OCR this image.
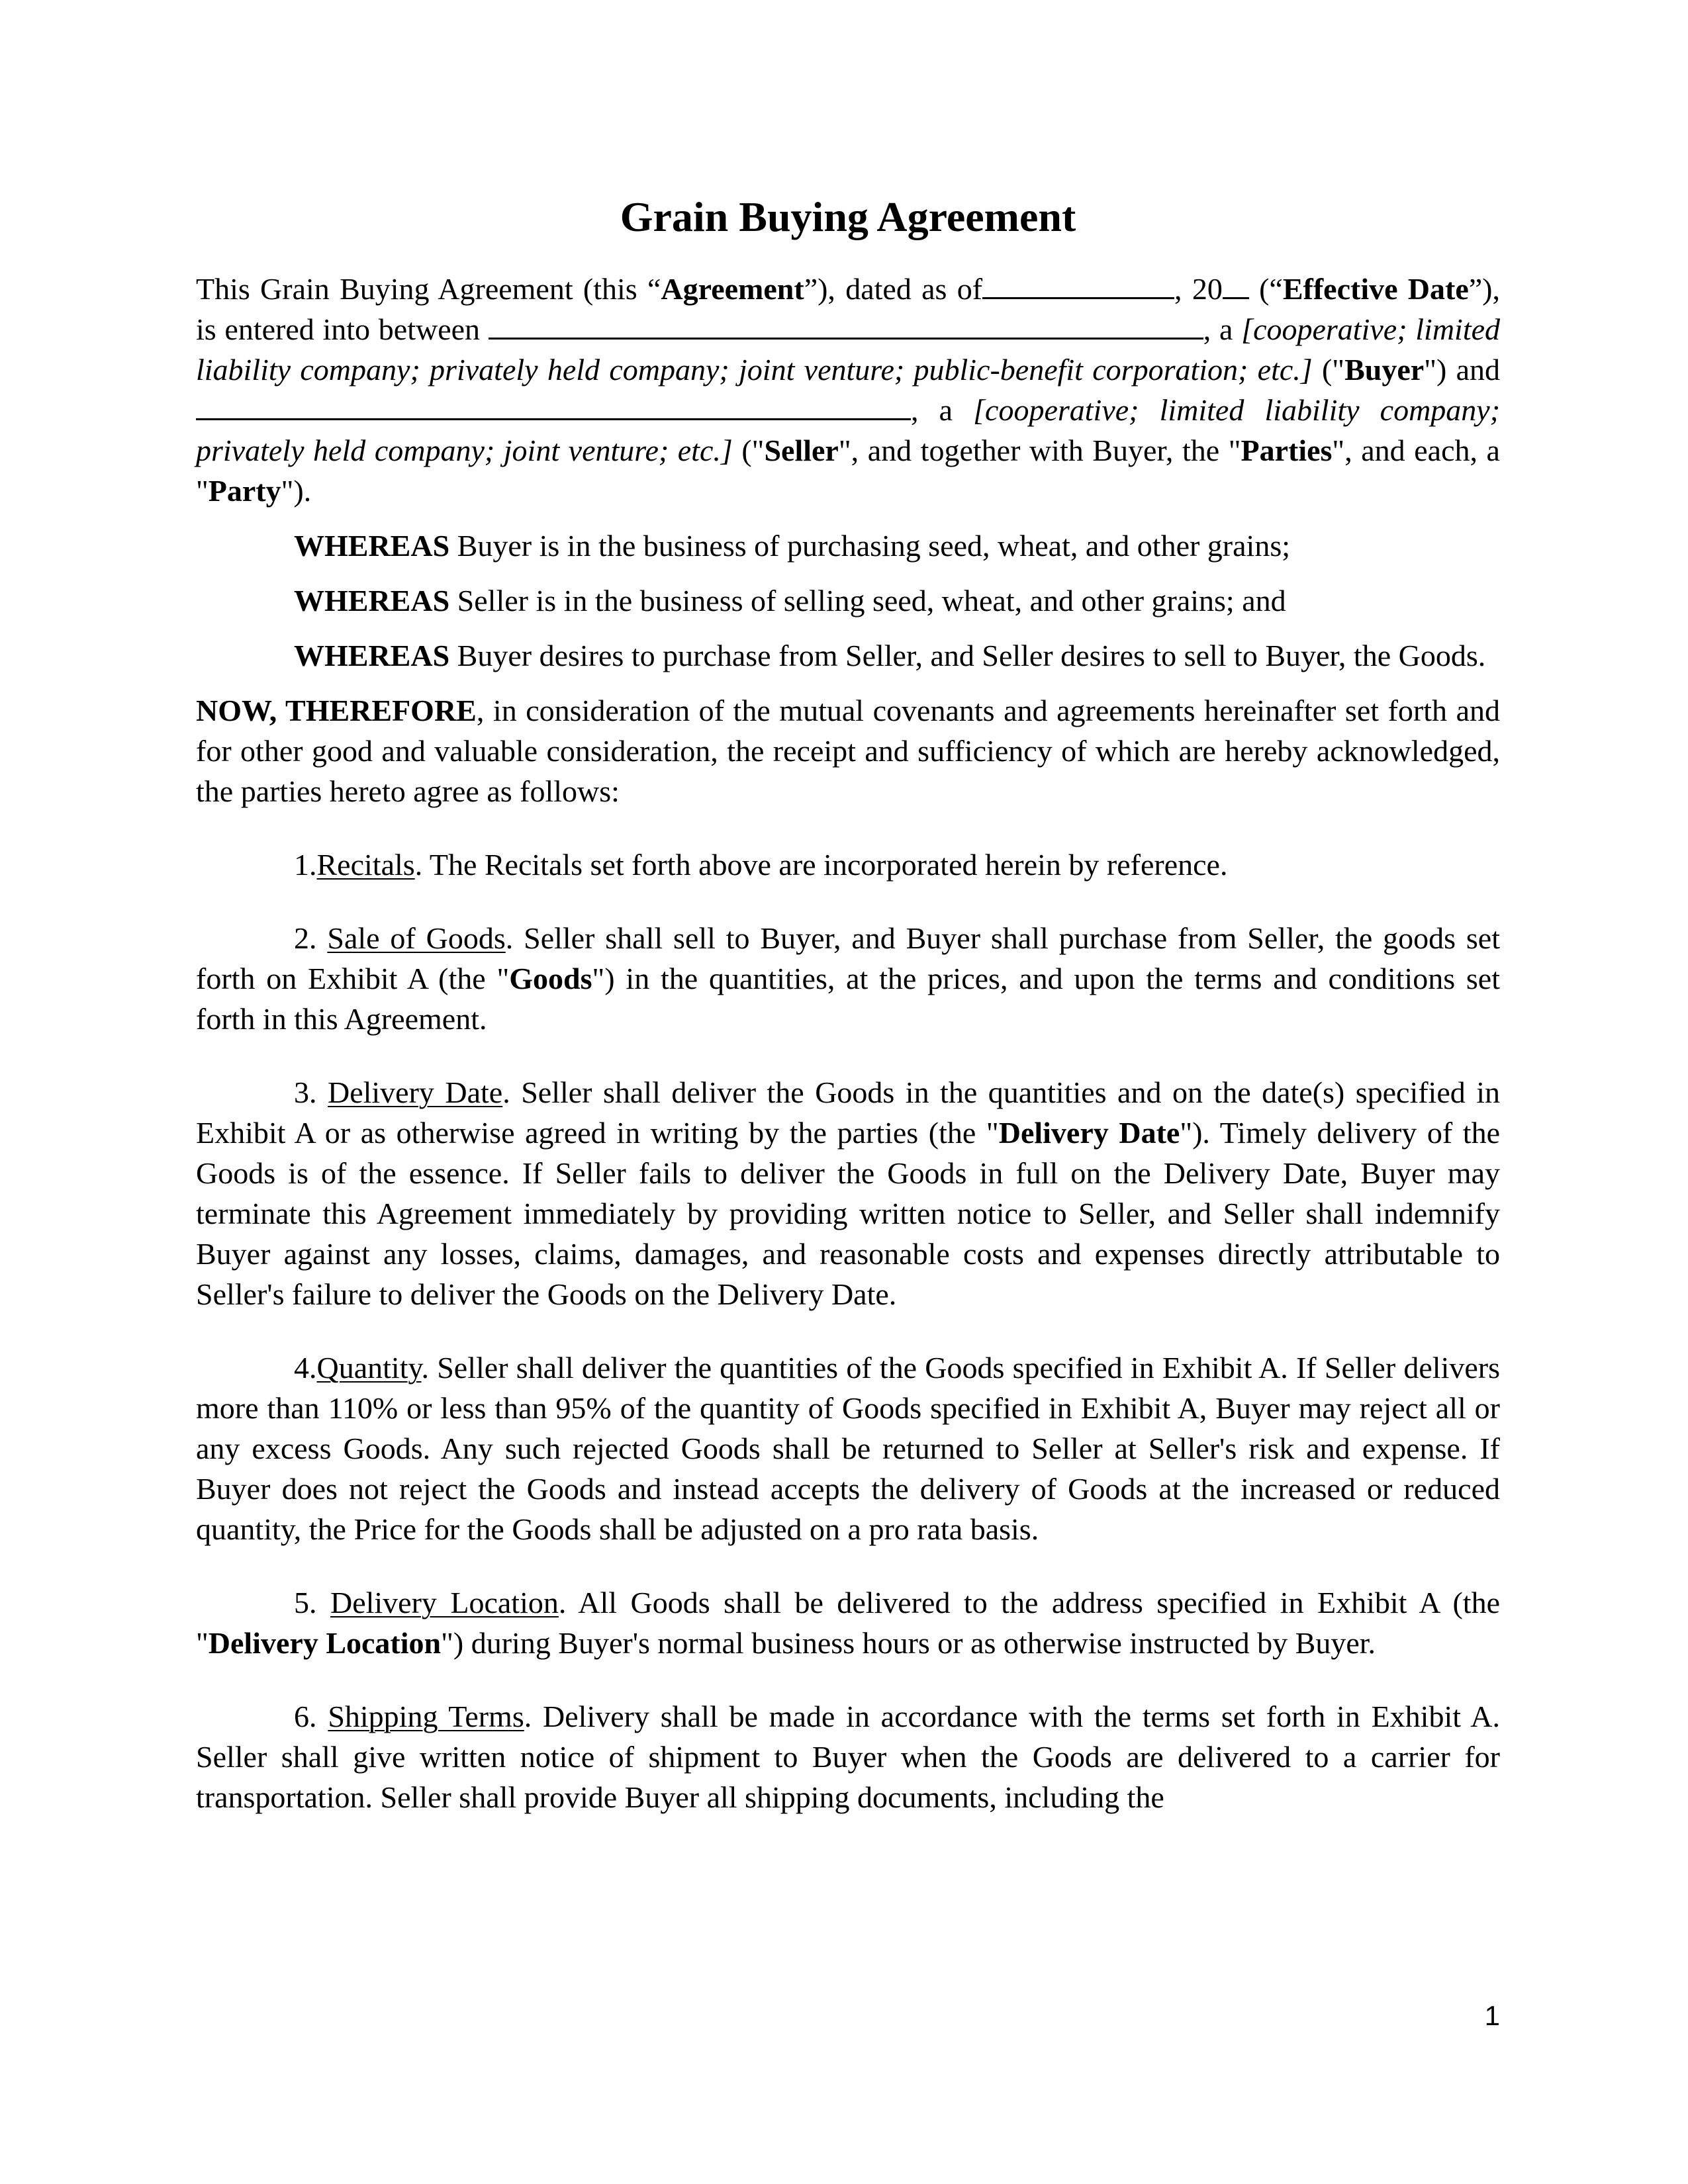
Grain Buying Agreement

This Grain Buying Agreement (this “Agreement”), dated as of	, 20 (“Effective Date”), is entered into between	, a [cooperative; limited liability company; privately held company; joint venture; public-benefit corporation; etc.] ("Buyer") and , a [cooperative; limited liability company; privately held company; joint venture; etc.] ("Seller", and together with Buyer, the "Parties", and each, a "Party").

WHEREAS Buyer is in the business of purchasing seed, wheat, and other grains;

WHEREAS Seller is in the business of selling seed, wheat, and other grains; and

WHEREAS Buyer desires to purchase from Seller, and Seller desires to sell to Buyer, the Goods.

NOW, THEREFORE, in consideration of the mutual covenants and agreements hereinafter set forth and for other good and valuable consideration, the receipt and sufficiency of which are hereby acknowledged, the parties hereto agree as follows:

1.Recitals. The Recitals set forth above are incorporated herein by reference.

2. Sale of Goods. Seller shall sell to Buyer, and Buyer shall purchase from Seller, the goods set forth on Exhibit A (the "Goods") in the quantities, at the prices, and upon the terms and conditions set forth in this Agreement.

3. Delivery Date. Seller shall deliver the Goods in the quantities and on the date(s) specified in Exhibit A or as otherwise agreed in writing by the parties (the "Delivery Date"). Timely delivery of the Goods is of the essence. If Seller fails to deliver the Goods in full on the Delivery Date, Buyer may terminate this Agreement immediately by providing written notice to Seller, and Seller shall indemnify Buyer against any losses, claims, damages, and reasonable costs and expenses directly attributable to Seller's failure to deliver the Goods on the Delivery Date.

4.Quantity. Seller shall deliver the quantities of the Goods specified in Exhibit A. If Seller delivers more than 110% or less than 95% of the quantity of Goods specified in Exhibit A, Buyer may reject all or any excess Goods. Any such rejected Goods shall be returned to Seller at Seller's risk and expense. If Buyer does not reject the Goods and instead accepts the delivery of Goods at the increased or reduced quantity, the Price for the Goods shall be adjusted on a pro rata basis.

5. Delivery Location. All Goods shall be delivered to the address specified in Exhibit A (the "Delivery Location") during Buyer's normal business hours or as otherwise instructed by Buyer.

6. Shipping Terms. Delivery shall be made in accordance with the terms set forth in Exhibit A. Seller shall give written notice of shipment to Buyer when the Goods are delivered to a carrier for transportation. Seller shall provide Buyer all shipping documents, including the

1
